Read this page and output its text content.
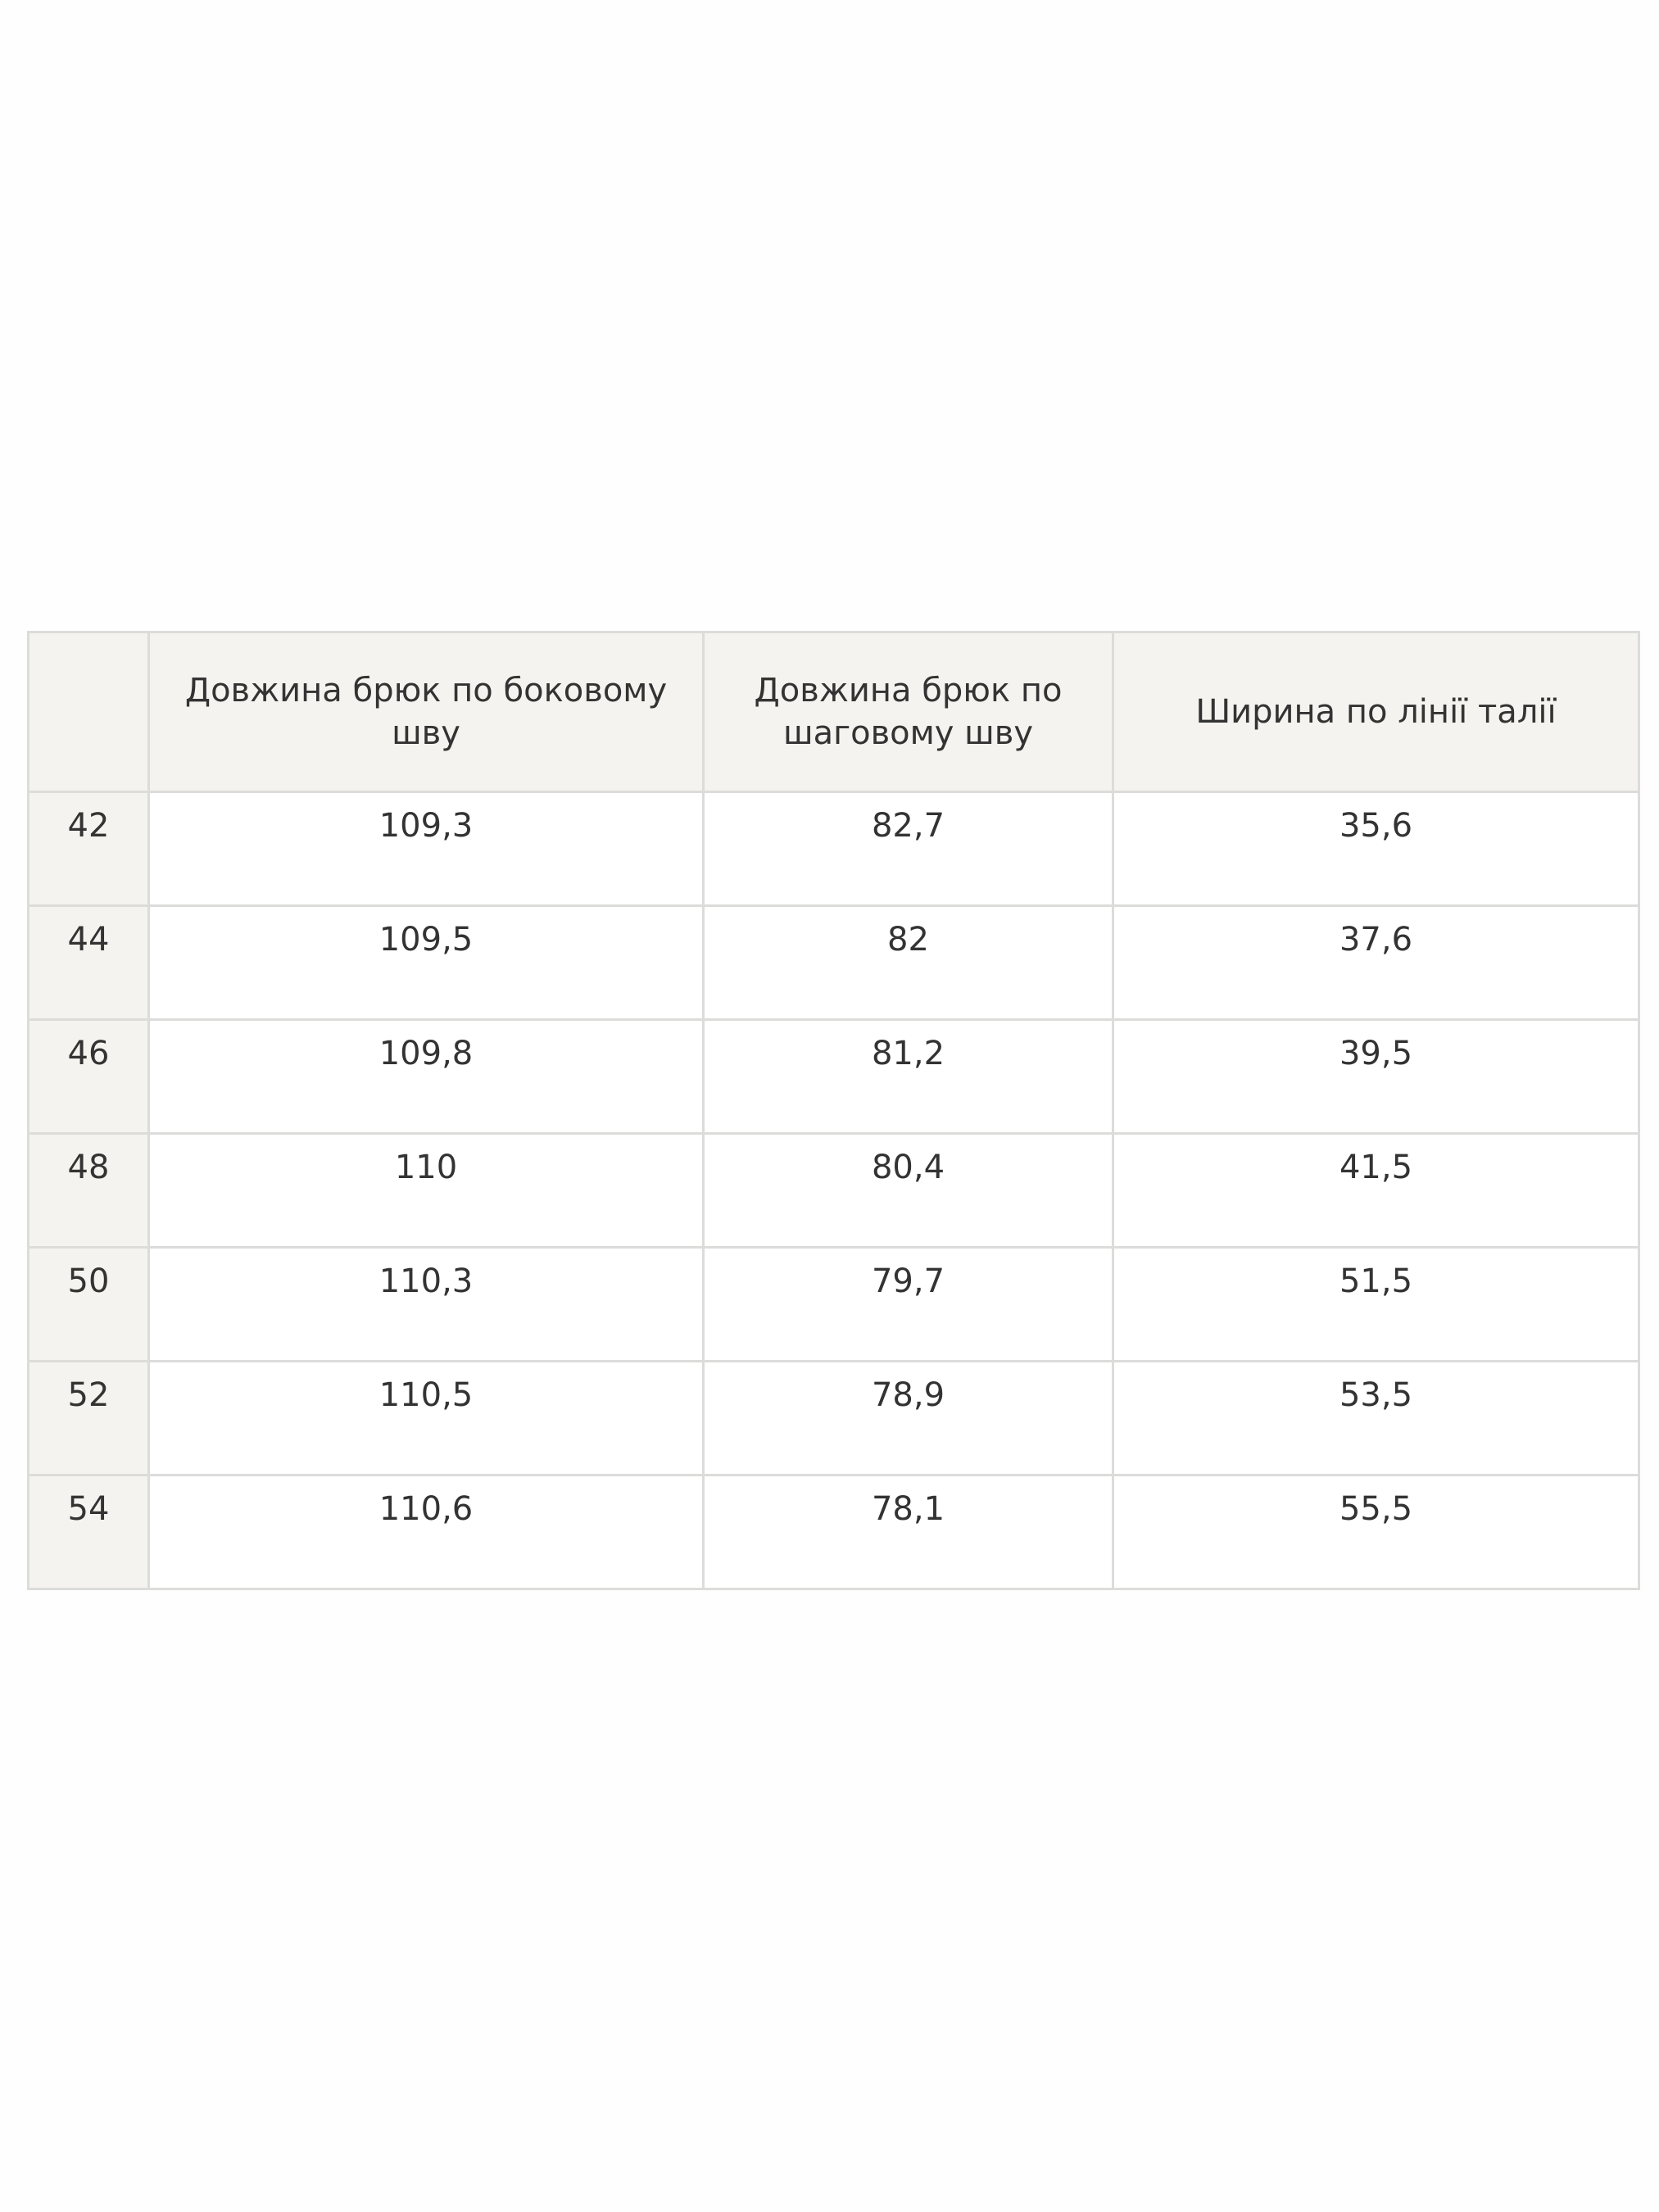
	Довжина брюк по боковому шву	Довжина брюк по шаговому шву	Ширина по лінії талії
42	109,3	82,7	35,6
44	109,5	82	37,6
46	109,8	81,2	39,5
48	110	80,4	41,5
50	110,3	79,7	51,5
52	110,5	78,9	53,5
54	110,6	78,1	55,5
